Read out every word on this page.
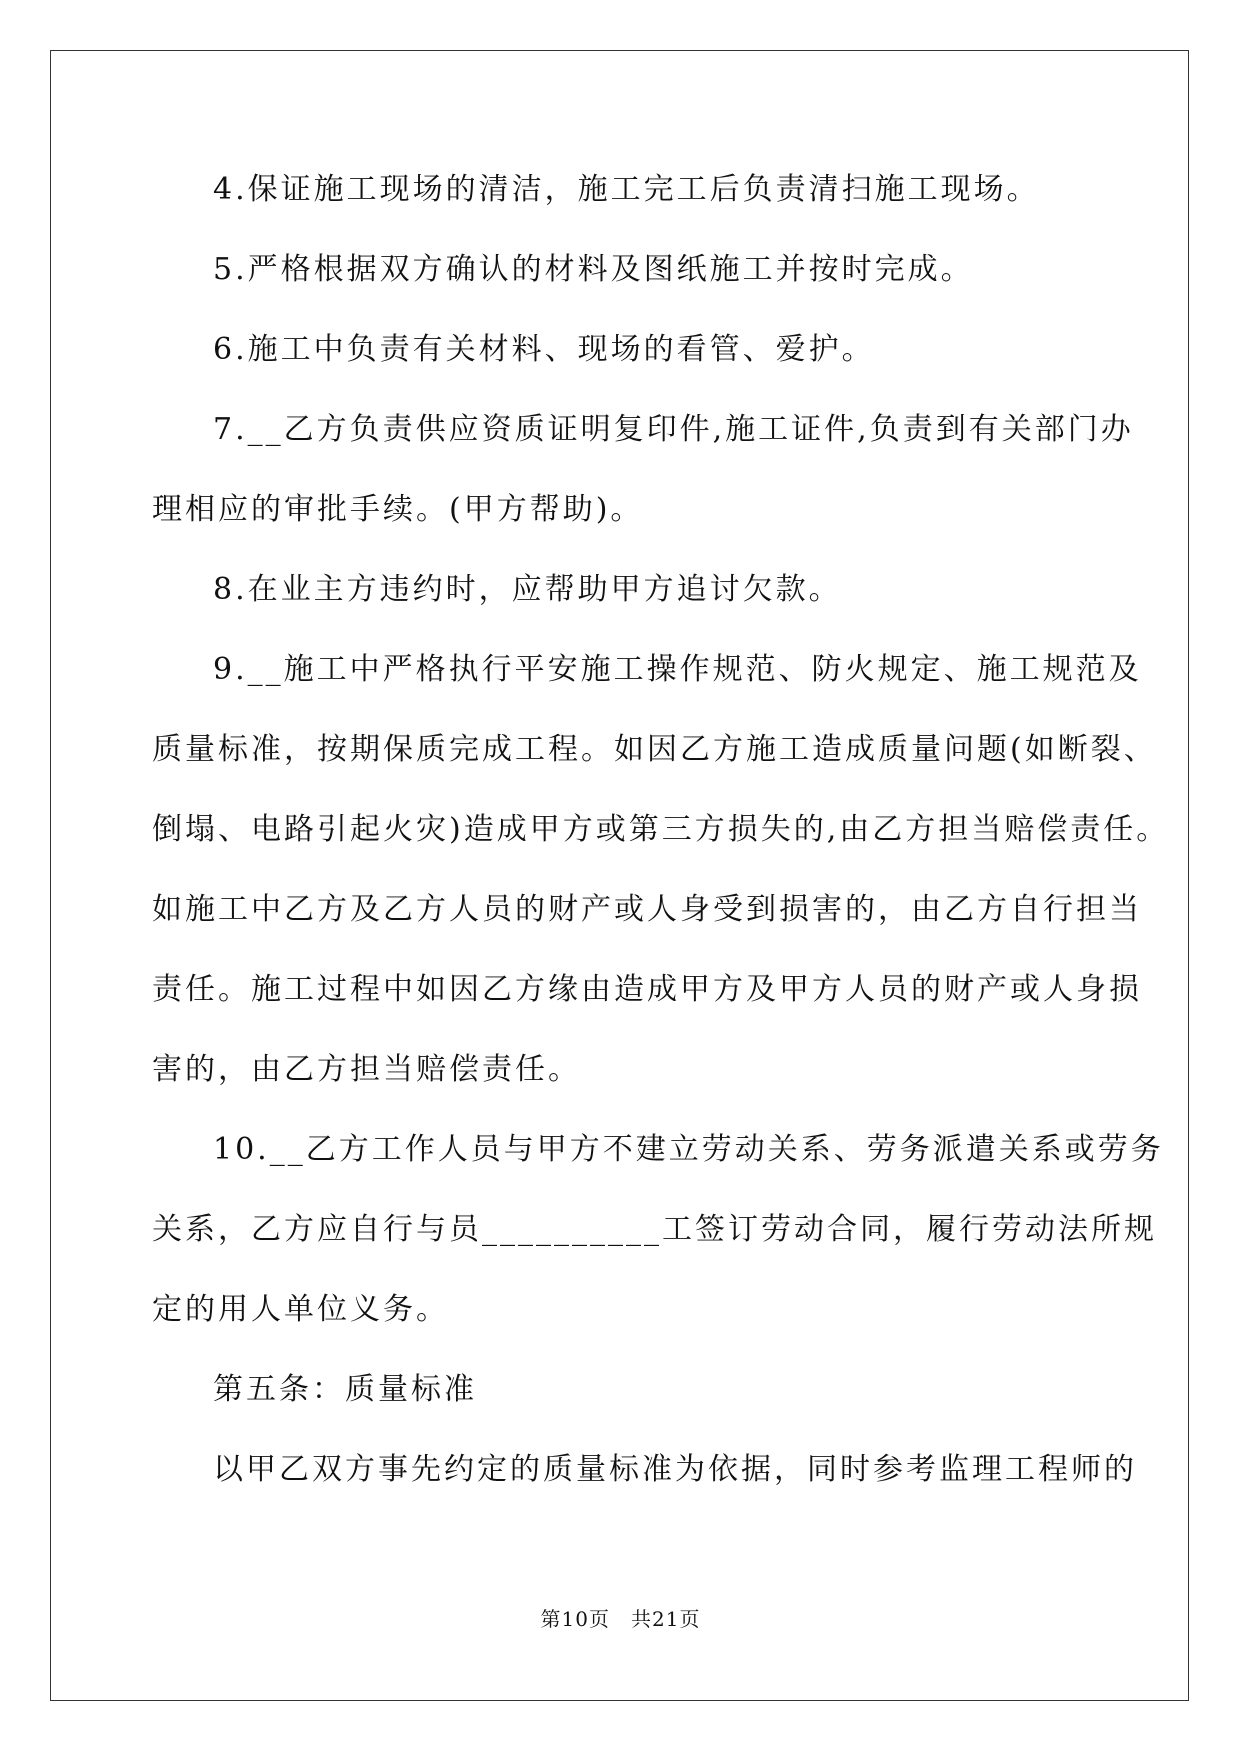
4.保证施工现场的清洁，施工完工后负责清扫施工现场。
5.严格根据双方确认的材料及图纸施工并按时完成。
6.施工中负责有关材料、现场的看管、爱护。
7.__乙方负责供应资质证明复印件,施工证件,负责到有关部门办
理相应的审批手续。(甲方帮助)。
8.在业主方违约时，应帮助甲方追讨欠款。
9.__施工中严格执行平安施工操作规范、防火规定、施工规范及
质量标准，按期保质完成工程。如因乙方施工造成质量问题(如断裂、
倒塌、电路引起火灾)造成甲方或第三方损失的,由乙方担当赔偿责任。
如施工中乙方及乙方人员的财产或人身受到损害的，由乙方自行担当
责任。施工过程中如因乙方缘由造成甲方及甲方人员的财产或人身损
害的，由乙方担当赔偿责任。
10.__乙方工作人员与甲方不建立劳动关系、劳务派遣关系或劳务
关系，乙方应自行与员__________工签订劳动合同，履行劳动法所规
定的用人单位义务。
第五条：质量标准
以甲乙双方事先约定的质量标准为依据，同时参考监理工程师的
第10页　共21页
